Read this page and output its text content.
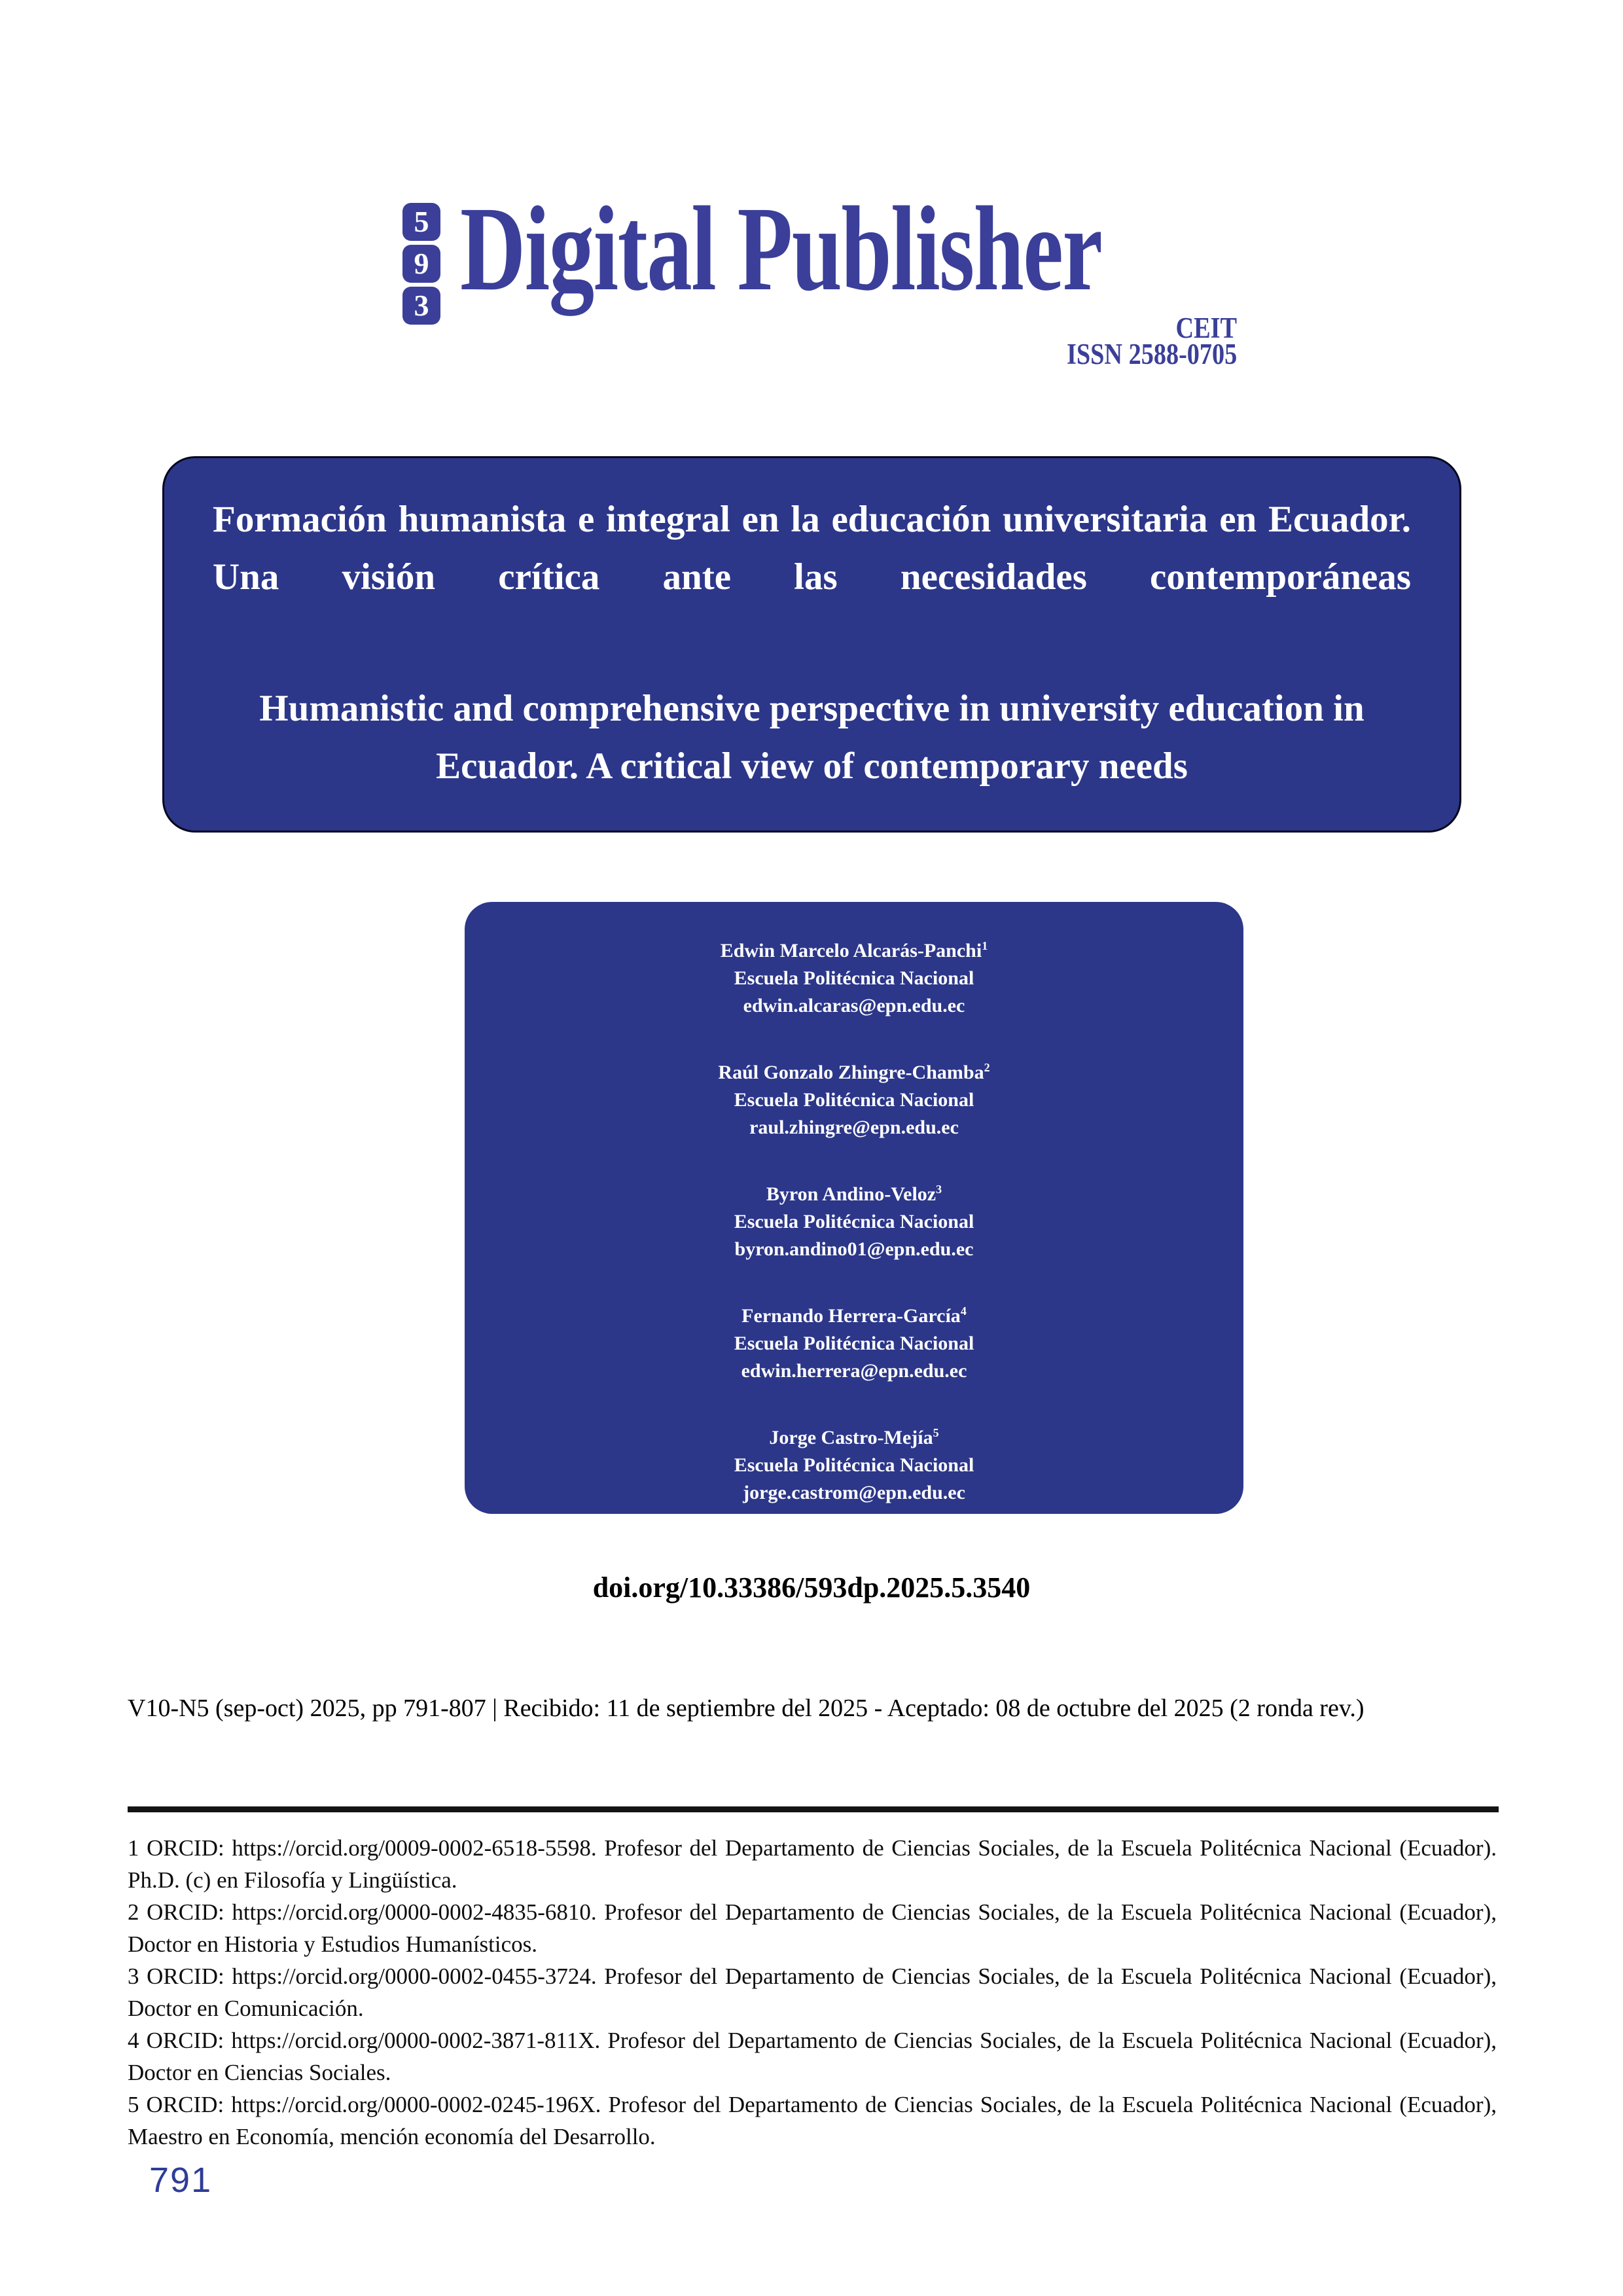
5
9
3 Digital Publisher
CEIT
ISSN 2588-0705
Formación humanista e integral en la educación universitaria en Ecuador. Una visión crítica ante las necesidades contemporáneas
Humanistic and comprehensive perspective in university education in Ecuador. A critical view of contemporary needs
Edwin Marcelo Alcarás-Panchi$^1$
Escuela Politécnica Nacional
edwin.alcaras@epn.edu.ec
Raúl Gonzalo Zhingre-Chamba$^2$
Escuela Politécnica Nacional
raul.zhingre@epn.edu.ec
Byron Andino-Veloz$^3$
Escuela Politécnica Nacional
byron.andino01@epn.edu.ec
Fernando Herrera-García$^4$
Escuela Politécnica Nacional
edwin.herrera@epn.edu.ec
Jorge Castro-Mejía$^5$
Escuela Politécnica Nacional
jorge.castrom@epn.edu.ec
doi.org/10.33386/593dp.2025.5.3540
V10-N5 (sep-oct) 2025, pp 791-807 | Recibido: 11 de septiembre del 2025 - Aceptado: 08 de octubre del 2025 (2 ronda rev.)

1 ORCID: https://orcid.org/0009-0002-6518-5598. Profesor del Departamento de Ciencias Sociales, de la Escuela Politécnica Nacional (Ecuador). Ph.D. (c) en Filosofía y Lingüística.

2 ORCID: https://orcid.org/0000-0002-4835-6810. Profesor del Departamento de Ciencias Sociales, de la Escuela Politécnica Nacional (Ecuador), Doctor en Historia y Estudios Humanísticos.

3 ORCID: https://orcid.org/0000-0002-0455-3724. Profesor del Departamento de Ciencias Sociales, de la Escuela Politécnica Nacional (Ecuador), Doctor en Comunicación.

4 ORCID: https://orcid.org/0000-0002-3871-811X. Profesor del Departamento de Ciencias Sociales, de la Escuela Politécnica Nacional (Ecuador), Doctor en Ciencias Sociales.

5 ORCID: https://orcid.org/0000-0002-0245-196X. Profesor del Departamento de Ciencias Sociales, de la Escuela Politécnica Nacional (Ecuador), Maestro en Economía, mención economía del Desarrollo.

791
